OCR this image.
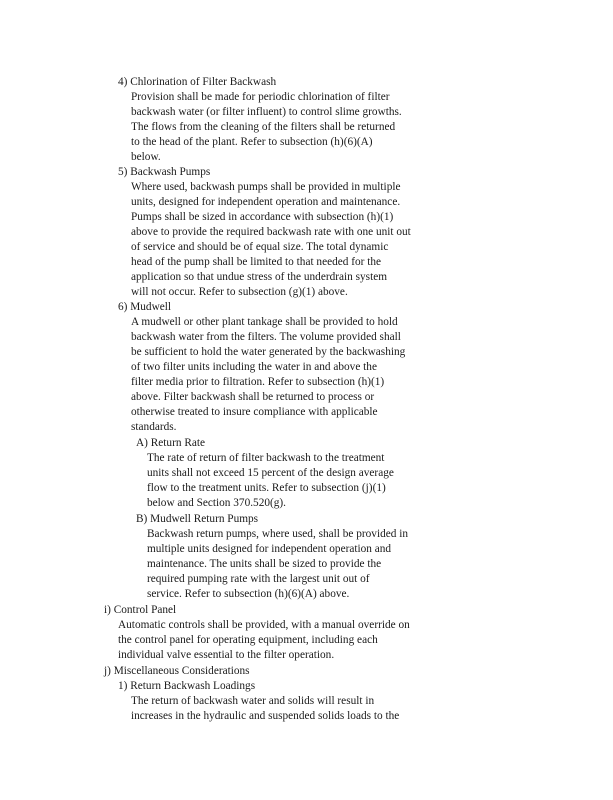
4) Chlorination of Filter Backwash
Provision shall be made for periodic chlorination of filter
backwash water (or filter influent) to control slime growths.
The flows from the cleaning of the filters shall be returned
to the head of the plant. Refer to subsection (h)(6)(A)
below.
5) Backwash Pumps
Where used, backwash pumps shall be provided in multiple
units, designed for independent operation and maintenance.
Pumps shall be sized in accordance with subsection (h)(1)
above to provide the required backwash rate with one unit out
of service and should be of equal size. The total dynamic
head of the pump shall be limited to that needed for the
application so that undue stress of the underdrain system
will not occur. Refer to subsection (g)(1) above.
6) Mudwell
A mudwell or other plant tankage shall be provided to hold
backwash water from the filters. The volume provided shall
be sufficient to hold the water generated by the backwashing
of two filter units including the water in and above the
filter media prior to filtration. Refer to subsection (h)(1)
above. Filter backwash shall be returned to process or
otherwise treated to insure compliance with applicable
standards.
A) Return Rate
The rate of return of filter backwash to the treatment
units shall not exceed 15 percent of the design average
flow to the treatment units. Refer to subsection (j)(1)
below and Section 370.520(g).
B) Mudwell Return Pumps
Backwash return pumps, where used, shall be provided in
multiple units designed for independent operation and
maintenance. The units shall be sized to provide the
required pumping rate with the largest unit out of
service. Refer to subsection (h)(6)(A) above.
i) Control Panel
Automatic controls shall be provided, with a manual override on
the control panel for operating equipment, including each
individual valve essential to the filter operation.
j) Miscellaneous Considerations
1) Return Backwash Loadings
The return of backwash water and solids will result in
increases in the hydraulic and suspended solids loads to the
